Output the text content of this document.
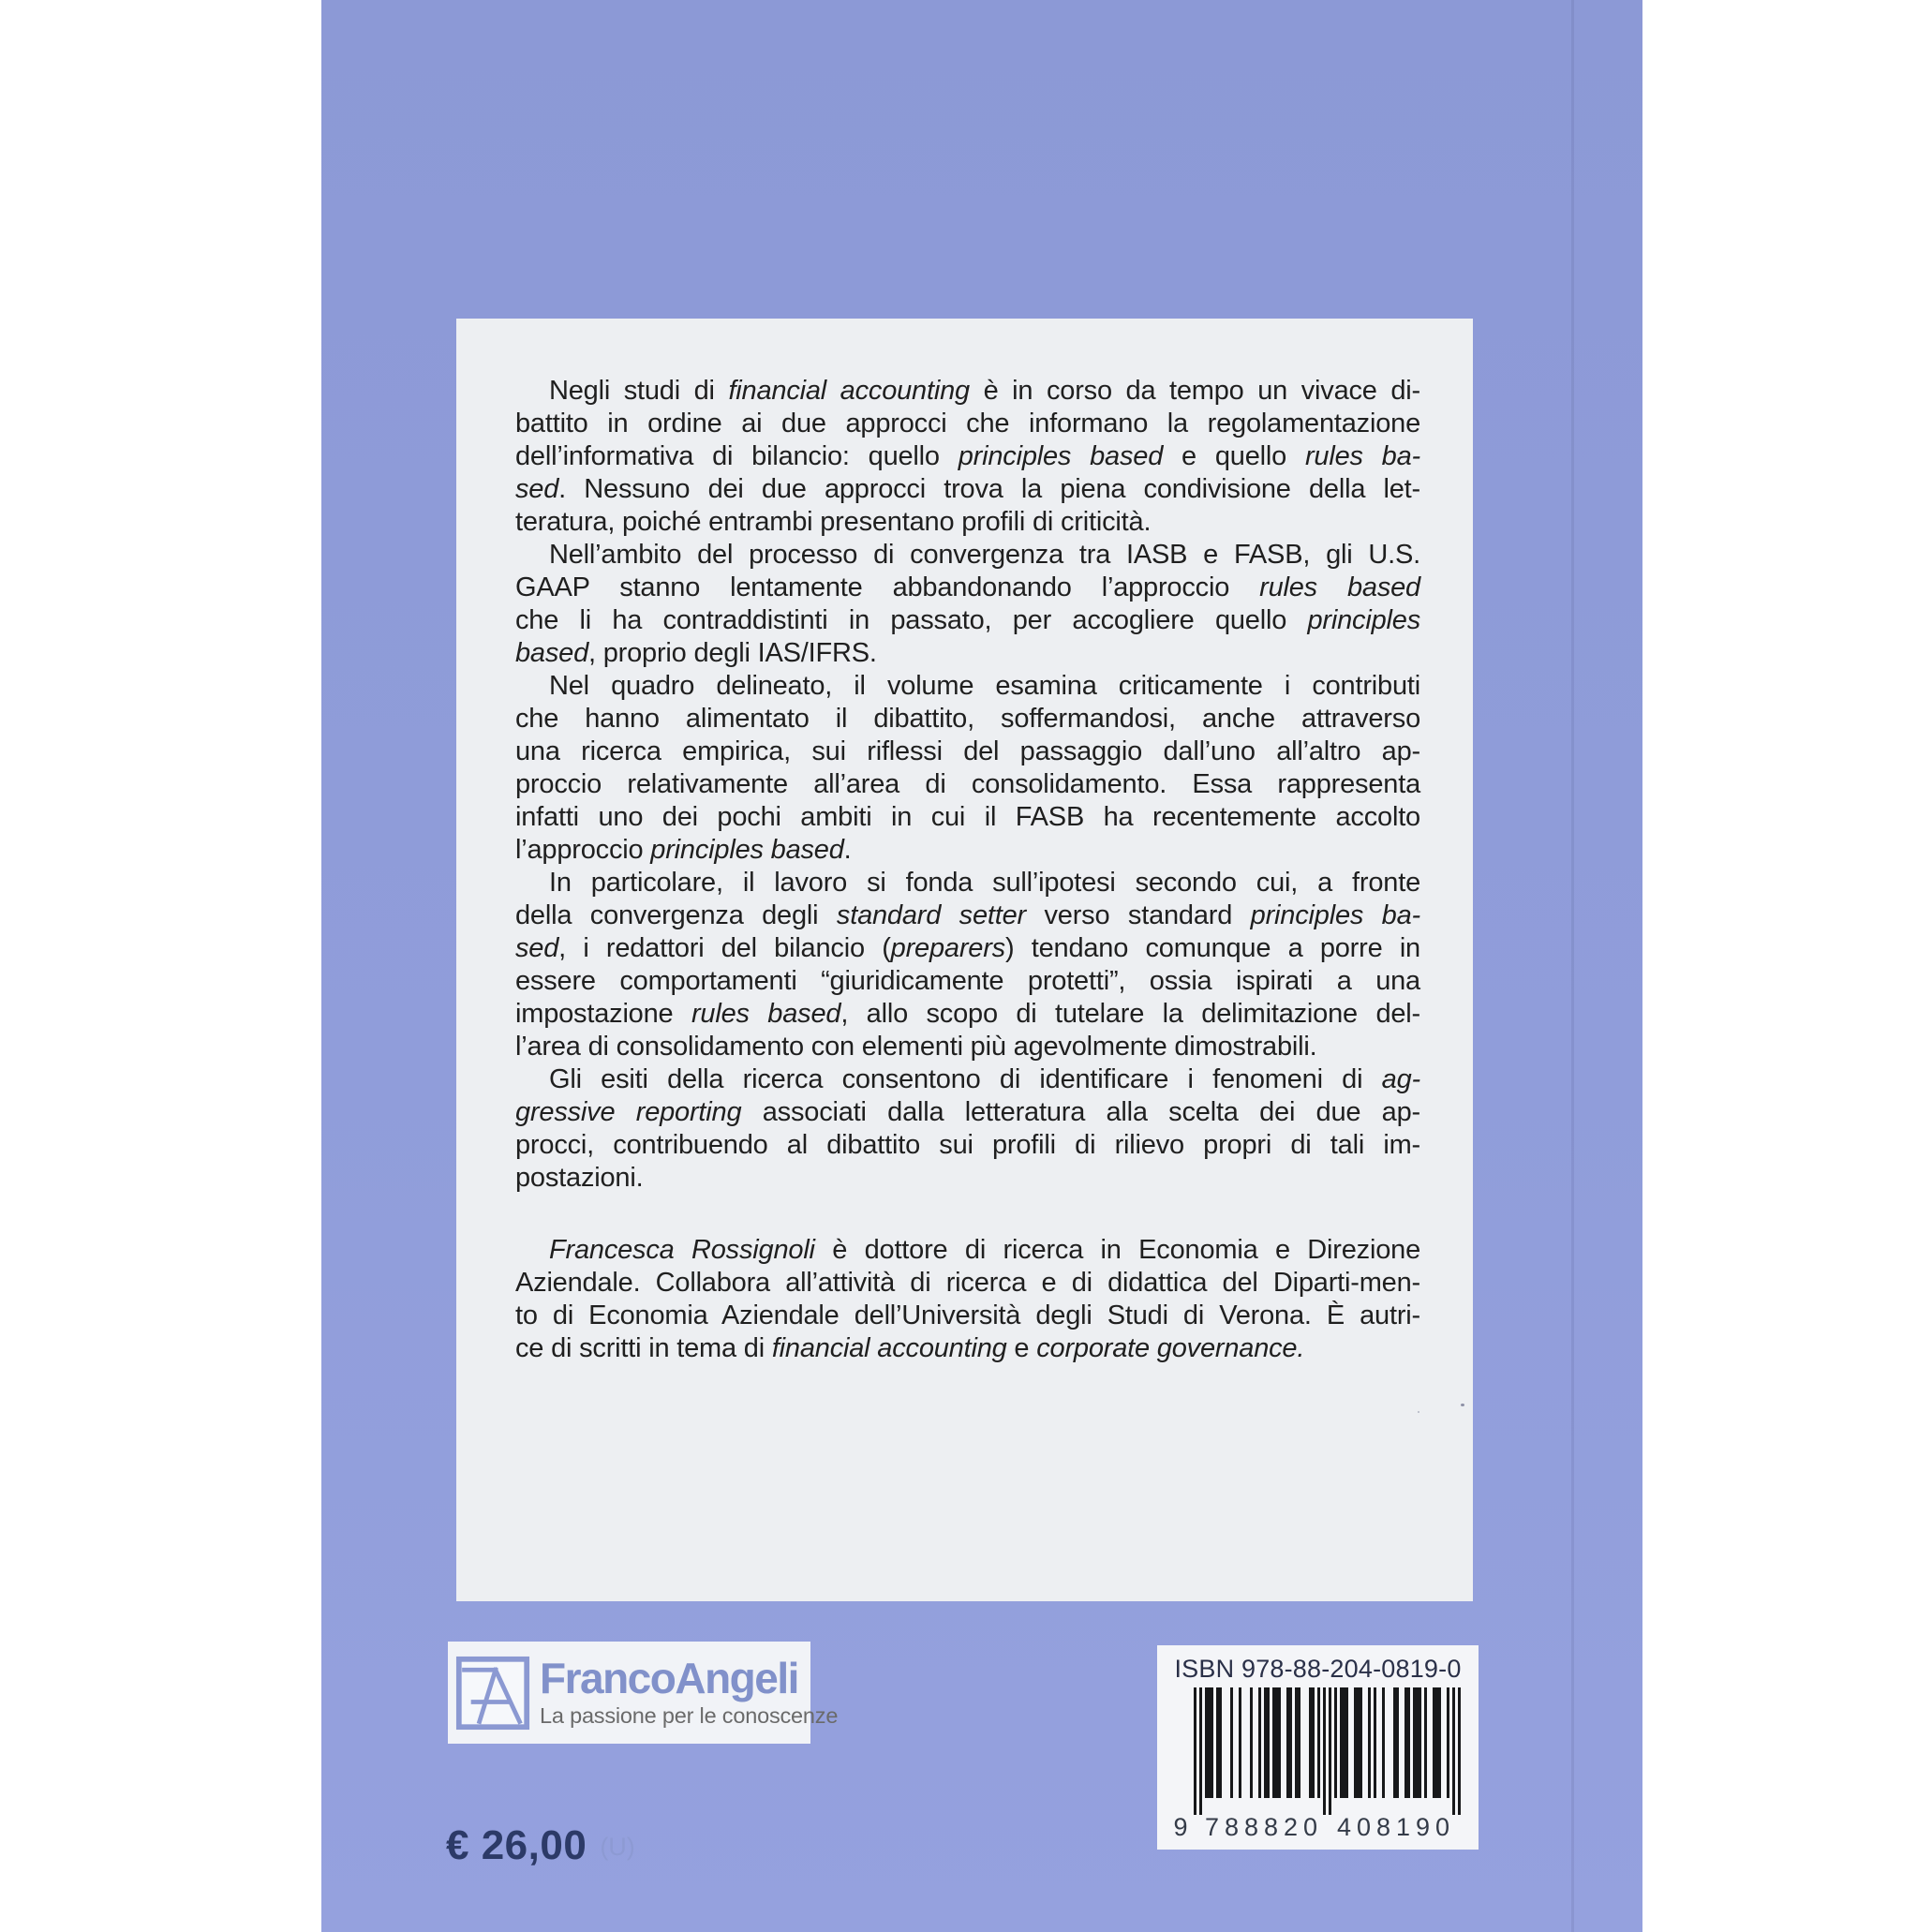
Negli studi di financial accounting è in corso da tempo un vivace di-
battito in ordine ai due approcci che informano la regolamentazione
dell’informativa di bilancio: quello principles based e quello rules ba-
sed. Nessuno dei due approcci trova la piena condivisione della let-
teratura, poiché entrambi presentano profili di criticità.
Nell’ambito del processo di convergenza tra IASB e FASB, gli U.S.
GAAP stanno lentamente abbandonando l’approccio rules based
che li ha contraddistinti in passato, per accogliere quello principles
based, proprio degli IAS/IFRS.
Nel quadro delineato, il volume esamina criticamente i contributi
che hanno alimentato il dibattito, soffermandosi, anche attraverso
una ricerca empirica, sui riflessi del passaggio dall’uno all’altro ap-
proccio relativamente all’area di consolidamento. Essa rappresenta
infatti uno dei pochi ambiti in cui il FASB ha recentemente accolto
l’approccio principles based.
In particolare, il lavoro si fonda sull’ipotesi secondo cui, a fronte
della convergenza degli standard setter verso standard principles ba-
sed, i redattori del bilancio (preparers) tendano comunque a porre in
essere comportamenti “giuridicamente protetti”, ossia ispirati a una
impostazione rules based, allo scopo di tutelare la delimitazione del-
l’area di consolidamento con elementi più agevolmente dimostrabili.
Gli esiti della ricerca consentono di identificare i fenomeni di ag-
gressive reporting associati dalla letteratura alla scelta dei due ap-
procci, contribuendo al dibattito sui profili di rilievo propri di tali im-
postazioni.
Francesca Rossignoli è dottore di ricerca in Economia e Direzione
Aziendale. Collabora all’attività di ricerca e di didattica del Diparti-men-
to di Economia Aziendale dell’Università degli Studi di Verona. È autri-
ce di scritti in tema di financial accounting e corporate governance.
FrancoAngeli
La passione per le conoscenze
€ 26,00 (U)
ISBN 978-88-204-0819-0
9 788820 408190
